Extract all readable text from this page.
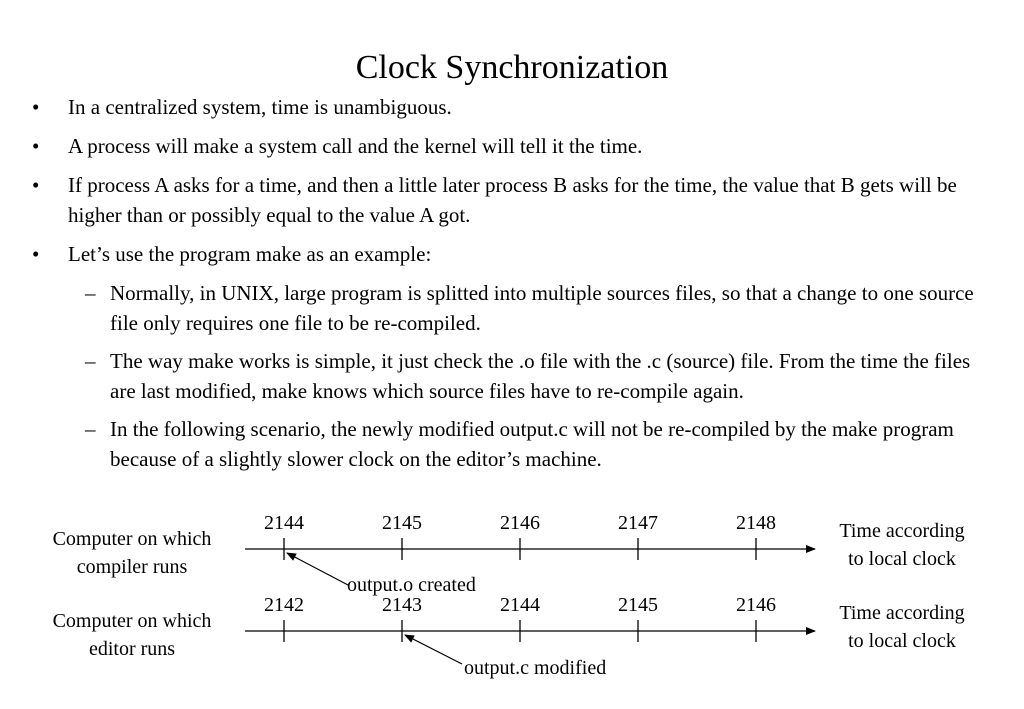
Clock Synchronization
• In a centralized system, time is unambiguous.
• A process will make a system call and the kernel will tell it the time.
• If process A asks for a time, and then a little later process B asks for the time, the value that B gets will be higher than or possibly equal to the value A got.
• Let’s use the program make as an example:
– Normally, in UNIX, large program is splitted into multiple sources files, so that a change to one source file only requires one file to be re-compiled.
– The way make works is simple, it just check the .o file with the .c (source) file. From the time the files are last modified, make knows which source files have to re-compile again.
– In the following scenario, the newly modified output.c will not be re-compiled by the make program because of a slightly slower clock on the editor’s machine.
Computer on which
compiler runs
2144	2145	2146	2147	2148	Time according
to local clock
output.o created
Computer on which
editor runs
2142	2143	2144	2145	2146	Time according
to local clock
output.c modified
